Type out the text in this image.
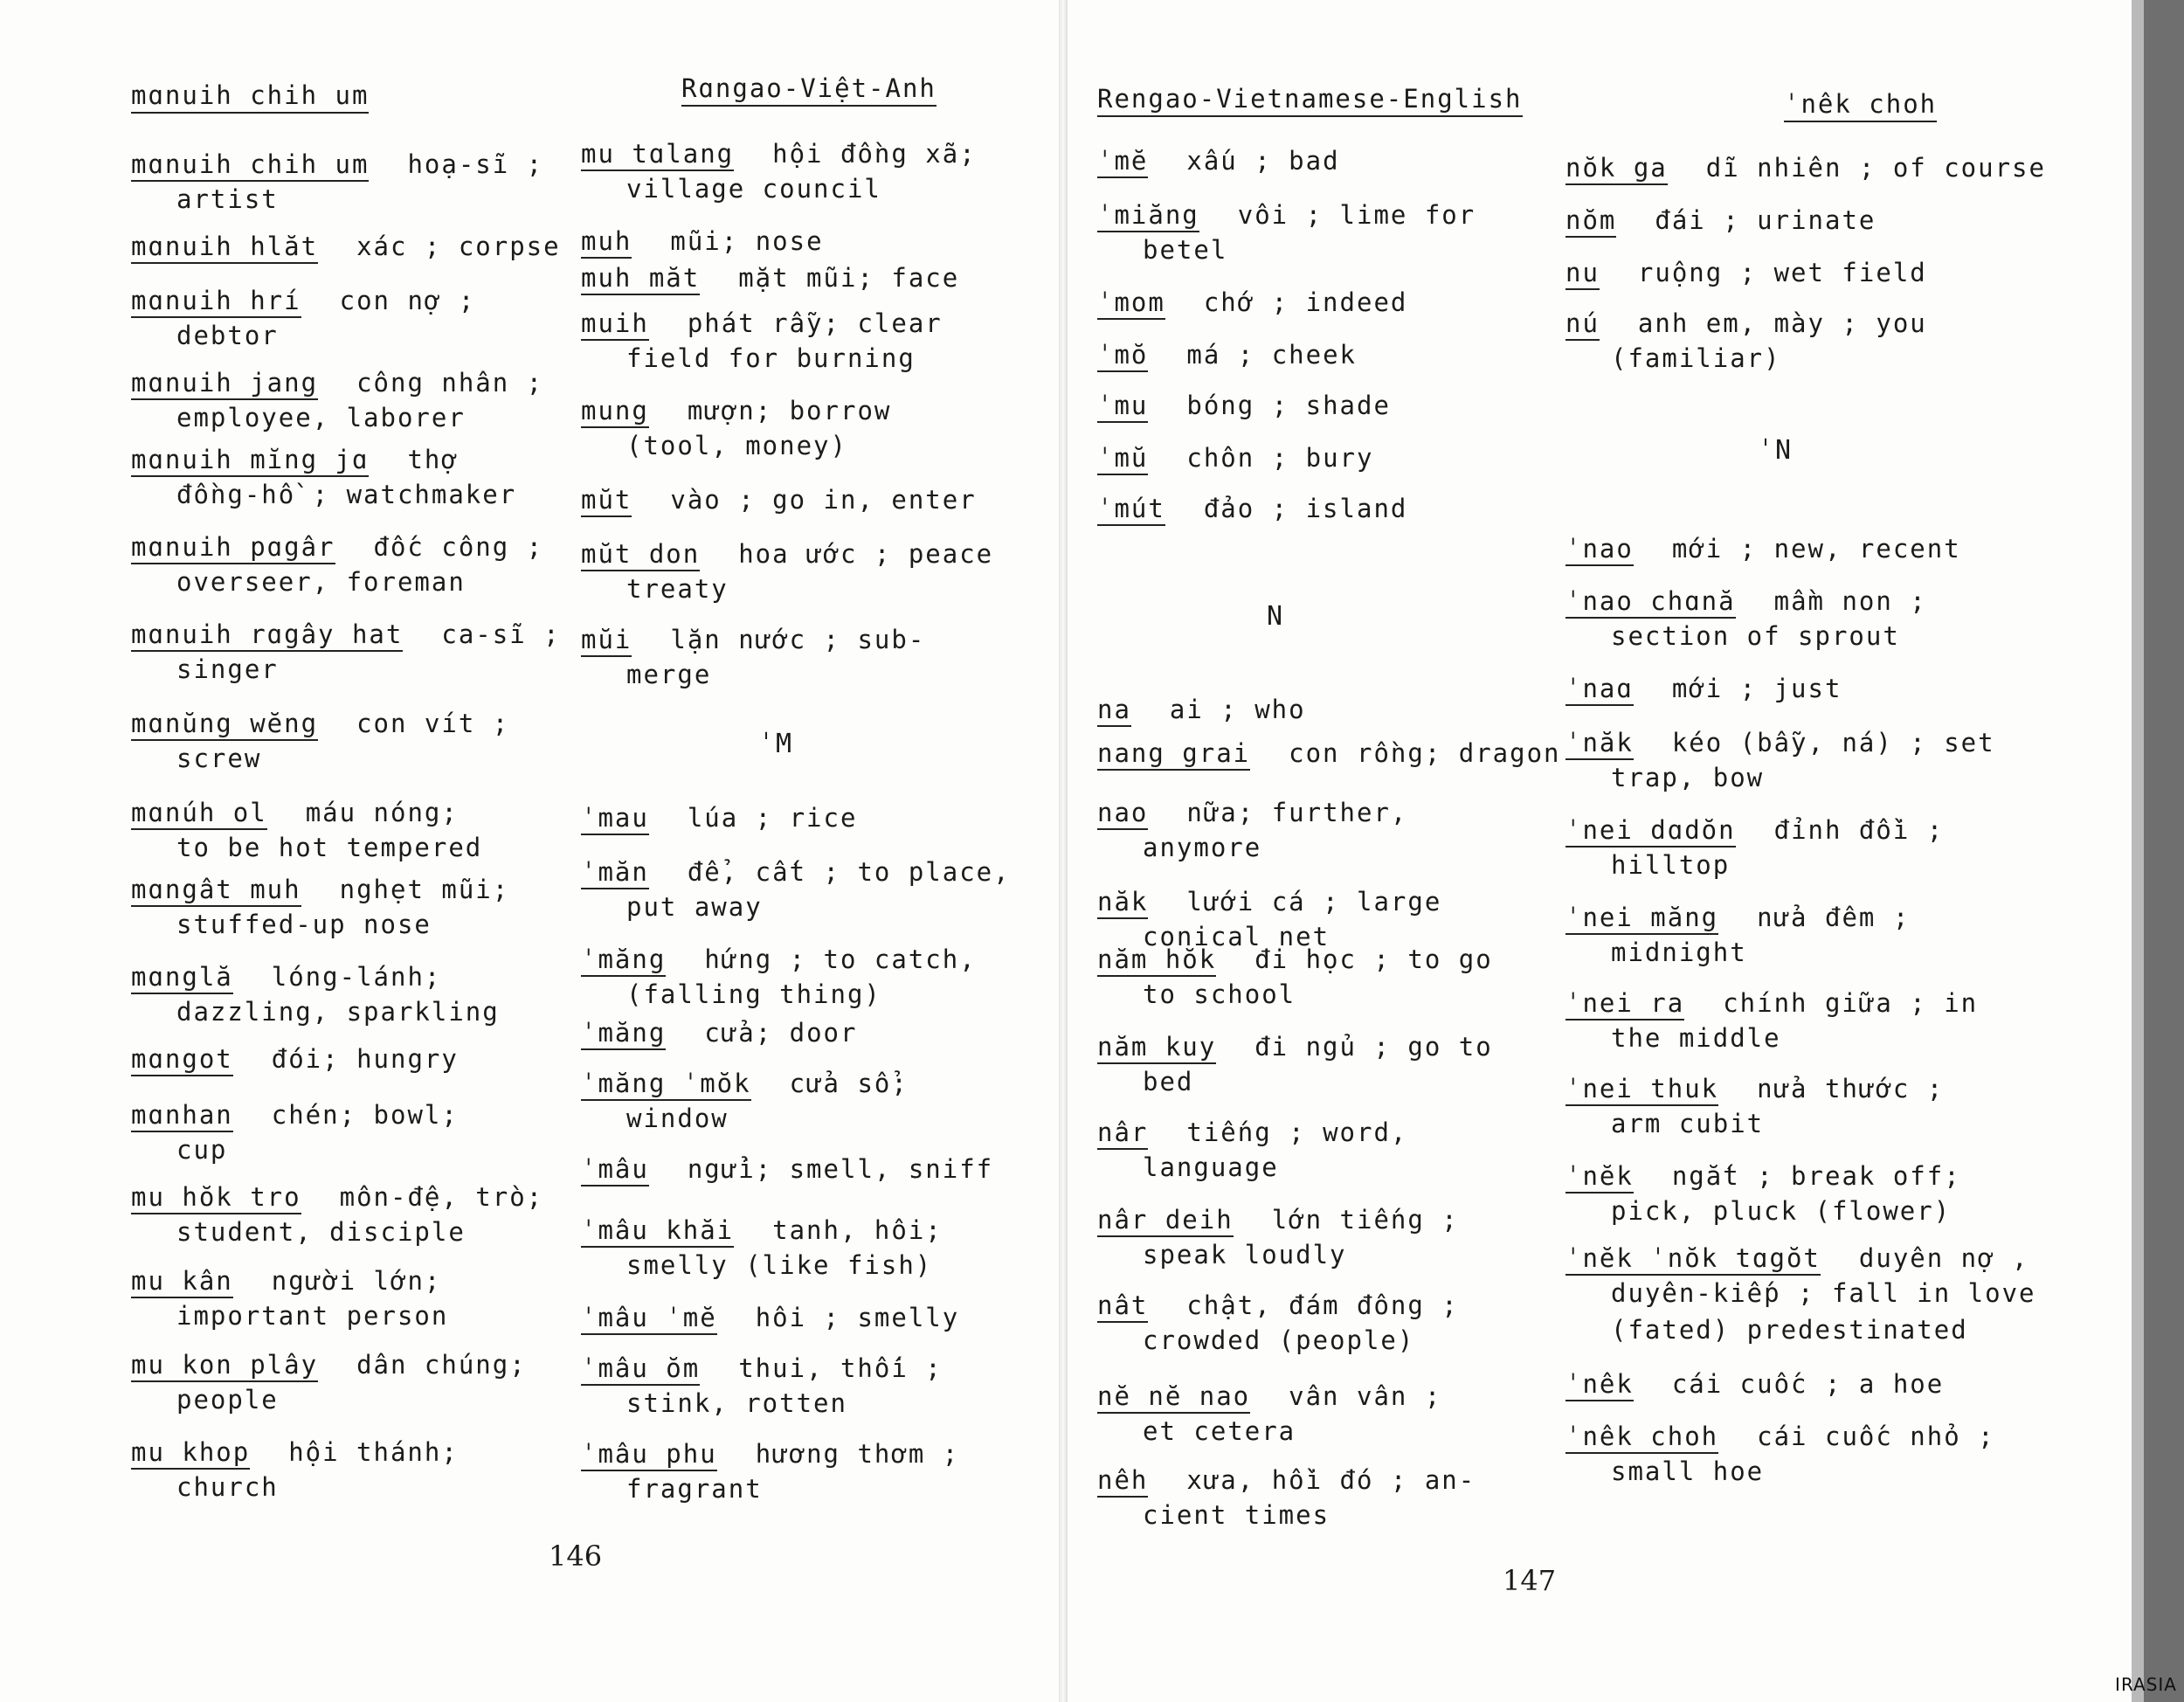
mɑnuih chih um	Rɑngao-Việt-Anh
mɑnuih chih um hoạ-sĩ ;
artist
mɑnuih hlăt xác ; corpse
mɑnuih hrí con nợ ;
debtor
mɑnuih jang công nhân ;
employee, laborer
mɑnuih mĭng jɑ thợ
đồng-hồ ; watchmaker
mɑnuih pɑgâr đốc công ;
overseer, foreman
mɑnuih rɑgây hat ca-sĩ ;
singer
mɑnŭng wĕng con vít ;
screw
mɑnúh ol máu nóng;
to be hot tempered
mɑngât muh nghẹt mũi;
stuffed-up nose
mɑnglă lóng-lánh;
dazzling, sparkling
mɑngot đói; hungry
mɑnhan chén; bowl;
cup
mu hŏk tro môn-đệ, trò;
student, disciple
mu kân người lớn;
important person
mu kon plây dân chúng;
people
mu khop hội thánh;
church
mu tɑlang hội đồng xã;
village council
muh mũi; nose
muh măt mặt mũi; face
muih phát rẫy; clear
field for burning
mung mượn; borrow
(tool, money)
mŭt vào ; go in, enter
mŭt don hoa ước ; peace
treaty
mŭi lặn nước ; sub-
merge
ˈmau lúa ; rice
ˈmăn để, cất ; to place,
put away
ˈmăng hứng ; to catch,
(falling thing)
ˈmăng cửa; door
ˈmăng ˈmŏk cửa sổ;
window
ˈmâu ngửi; smell, sniff
ˈmâu khăi tanh, hôi;
smelly (like fish)
ˈmâu ˈmĕ hôi ; smelly
ˈmâu ŏm thui, thối ;
stink, rotten
ˈmâu phu hương thơm ;
fragrant
ˈM
146
Rengao-Vietnamese-English	ˈnêk choh
ˈmĕ xấu ; bad
ˈmiăng vôi ; lime for
betel
ˈmom chớ ; indeed
ˈmŏ má ; cheek
ˈmu bóng ; shade
ˈmŭ chôn ; bury
ˈmút đảo ; island
na ai ; who
nang grai con rồng; dragon
nao nữa; further,
anymore
năk lưới cá ; large
conical net
năm hŏk đi học ; to go
to school
năm kuy đi ngủ ; go to
bed
nâr tiếng ; word,
language
nâr deih lớn tiếng ;
speak loudly
nât chật, đám đông ;
crowded (people)
nĕ nĕ nao vân vân ;
et cetera
nêh xưa, hồi đó ; an-
cient times
nŏk ga dĩ nhiên ; of course
nŏm đái ; urinate
nu ruộng ; wet field
nú anh em, mày ; you
(familiar)
ˈnao mới ; new, recent
ˈnao chɑnă mầm non ;
section of sprout
ˈnaɑ mới ; just
ˈnăk kéo (bẫy, ná) ; set
trap, bow
ˈnei dɑdŏn đỉnh đồi ;
hilltop
ˈnei măng nửa đêm ;
midnight
ˈnei ra chính giữa ; in
the middle
ˈnei thuk nửa thước ;
arm cubit
ˈnĕk ngắt ; break off;
pick, pluck (flower)
ˈnĕk ˈnŏk tɑgŏt duyên nợ ,
duyên-kiếp ; fall in love
(fated) predestinated
ˈnêk cái cuốc ; a hoe
ˈnêk choh cái cuốc nhỏ ;
small hoe
N
ˈN
147
IRASIA
